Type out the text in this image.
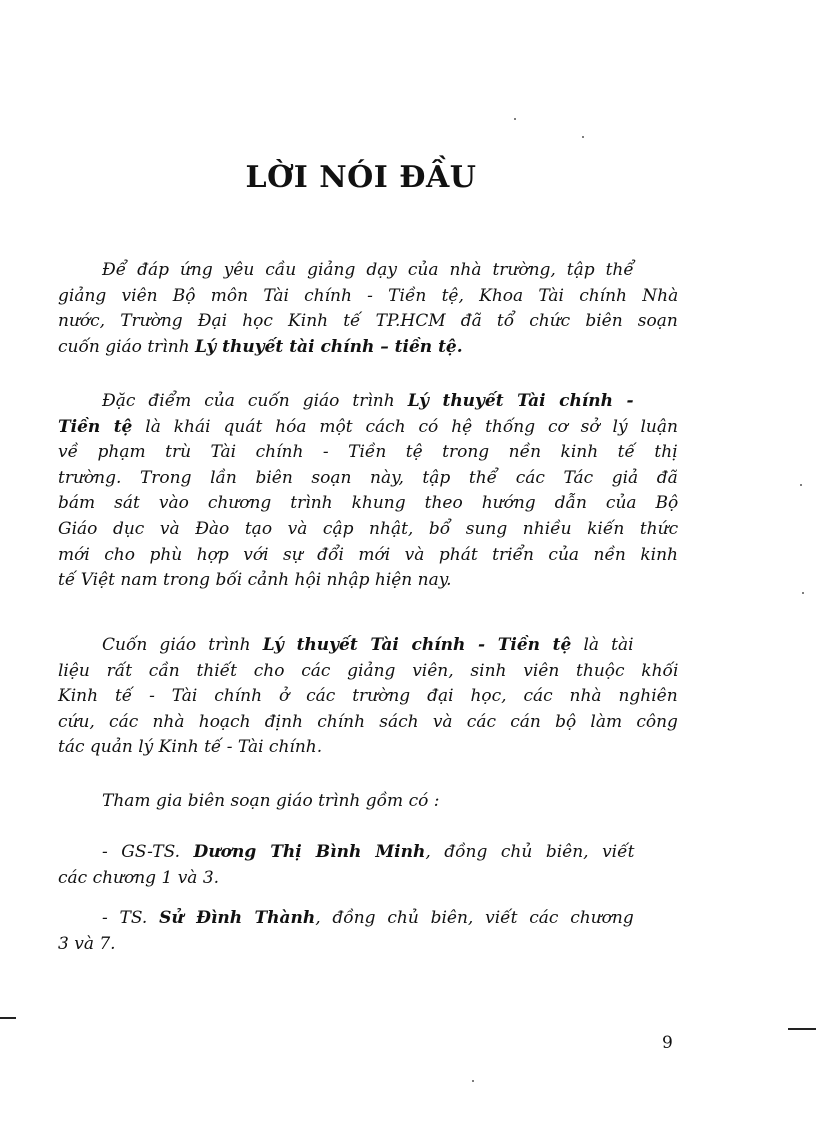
LỜI NÓI ĐẦU
Để đáp ứng yêu cầu giảng dạy của nhà trường, tập thể
giảng viên Bộ môn Tài chính - Tiền tệ, Khoa Tài chính Nhà
nước, Trường Đại học Kinh tế TP.HCM đã tổ chức biên soạn
cuốn giáo trình Lý thuyết tài chính – tiền tệ.
Đặc điểm của cuốn giáo trình Lý thuyết Tài chính -
Tiền tệ là khái quát hóa một cách có hệ thống cơ sở lý luận
về phạm trù Tài chính - Tiền tệ trong nền kinh tế thị
trường. Trong lần biên soạn này, tập thể các Tác giả đã
bám sát vào chương trình khung theo hướng dẫn của Bộ
Giáo dục và Đào tạo và cập nhật, bổ sung nhiều kiến thức
mới cho phù hợp với sự đổi mới và phát triển của nền kinh
tế Việt nam trong bối cảnh hội nhập hiện nay.
Cuốn giáo trình Lý thuyết Tài chính - Tiền tệ là tài
liệu rất cần thiết cho các giảng viên, sinh viên thuộc khối
Kinh tế - Tài chính ở các trường đại học, các nhà nghiên
cứu, các nhà hoạch định chính sách và các cán bộ làm công
tác quản lý Kinh tế - Tài chính.
Tham gia biên soạn giáo trình gồm có :
- GS-TS. Dương Thị Bình Minh, đồng chủ biên, viết
các chương 1 và 3.
- TS. Sử Đình Thành, đồng chủ biên, viết các chương
3 và 7.
9
